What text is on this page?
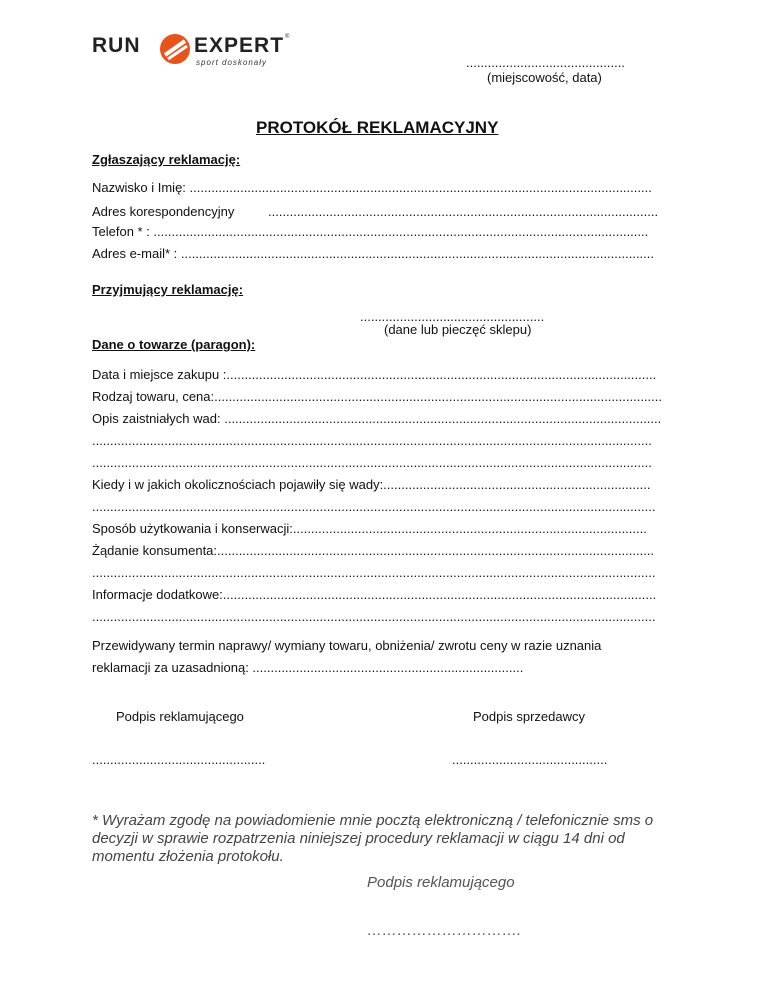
RUN	EXPERT ®
sport doskonały	............................................
(miejscowość, data)
PROTOKÓŁ REKLAMACYJNY
Zgłaszający reklamację:
Nazwisko i Imię: ................................................................................................................................
Adres korespondencyjny	............................................................................................................
Telefon * : .........................................................................................................................................
Adres e-mail* : ...................................................................................................................................
Przyjmujący reklamację:
...................................................
(dane lub pieczęć sklepu)
Dane o towarze (paragon):
Data i miejsce zakupu :.......................................................................................................................
Rodzaj towaru, cena:............................................................................................................................
Opis zaistniałych wad: .........................................................................................................................
...........................................................................................................................................................
...........................................................................................................................................................
Kiedy i w jakich okolicznościach pojawiły się wady:..........................................................................
............................................................................................................................................................
Sposób użytkowania i konserwacji:..................................................................................................
Żądanie konsumenta:.........................................................................................................................
............................................................................................................................................................
Informacje dodatkowe:........................................................................................................................
............................................................................................................................................................
Przewidywany termin naprawy/ wymiany towaru, obniżenia/ zwrotu ceny w razie uznania
reklamacji za uzasadnioną: ...........................................................................
Podpis reklamującego	Podpis sprzedawcy
................................................	...........................................
* Wyrażam zgodę na powiadomienie mnie pocztą elektroniczną / telefonicznie sms o
decyzji w sprawie rozpatrzenia niniejszej procedury reklamacji w ciągu 14 dni od
momentu złożenia protokołu.
Podpis reklamującego
………………………….
